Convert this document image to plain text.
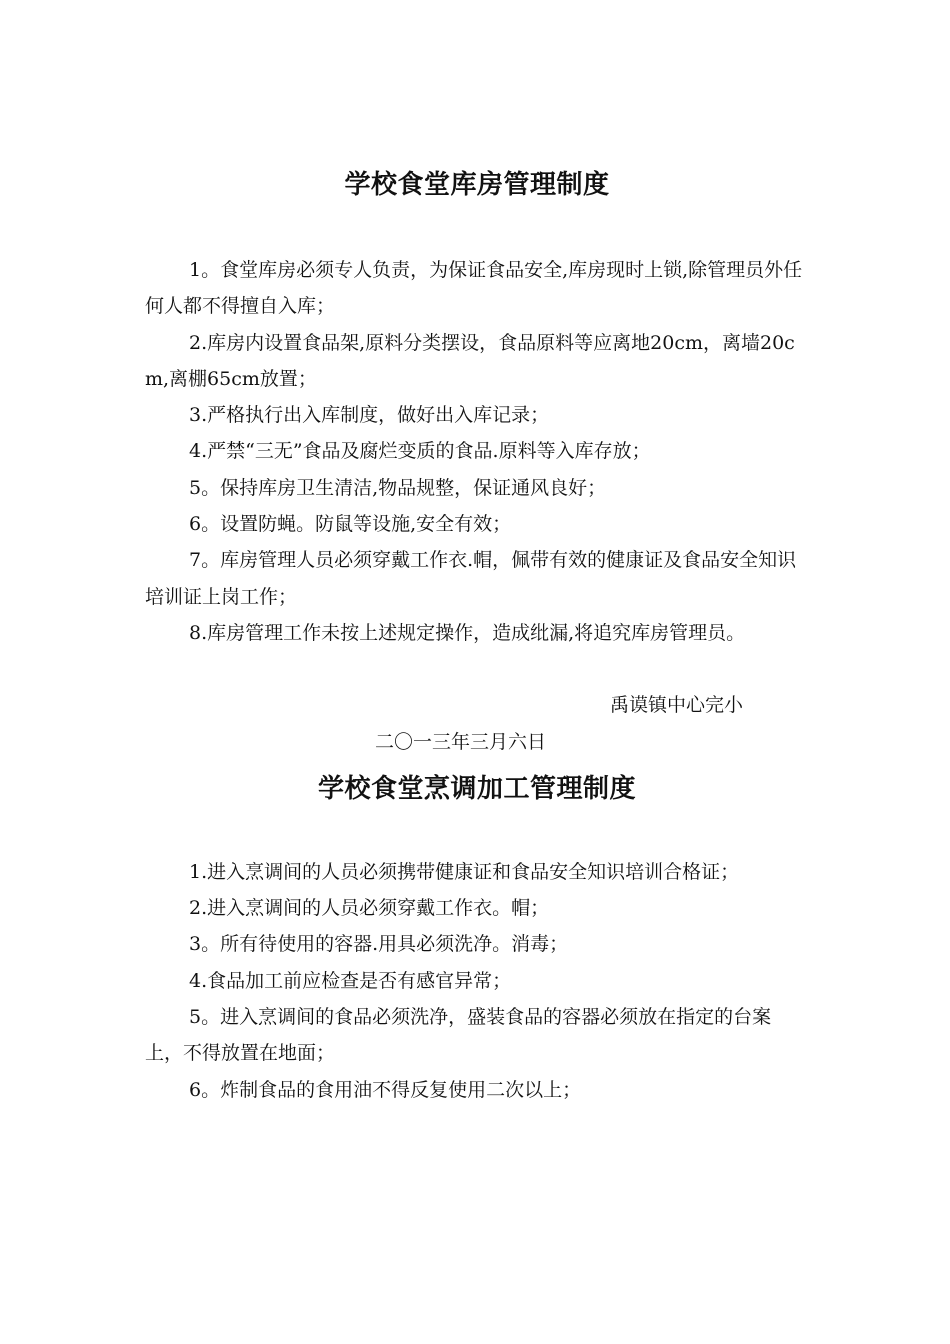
学校食堂库房管理制度

1。食堂库房必须专人负责，为保证食品安全,库房现时上锁,除管理员外任何人都不得擅自入库；

2.库房内设置食品架,原料分类摆设，食品原料等应离地20cm，离墙20cm,离棚65cm放置；

3.严格执行出入库制度，做好出入库记录；

4.严禁“三无”食品及腐烂变质的食品.原料等入库存放；

5。保持库房卫生清洁,物品规整，保证通风良好；

6。设置防蝇。防鼠等设施,安全有效；

7。库房管理人员必须穿戴工作衣.帽，佩带有效的健康证及食品安全知识培训证上岗工作；

8.库房管理工作未按上述规定操作，造成纰漏,将追究库房管理员。

禹谟镇中心完小
二〇一三年三月六日
学校食堂烹调加工管理制度

1.进入烹调间的人员必须携带健康证和食品安全知识培训合格证；

2.进入烹调间的人员必须穿戴工作衣。帽；

3。所有待使用的容器.用具必须洗净。消毒；

4.食品加工前应检查是否有感官异常；

5。进入烹调间的食品必须洗净，盛装食品的容器必须放在指定的台案上，不得放置在地面；

6。炸制食品的食用油不得反复使用二次以上；
